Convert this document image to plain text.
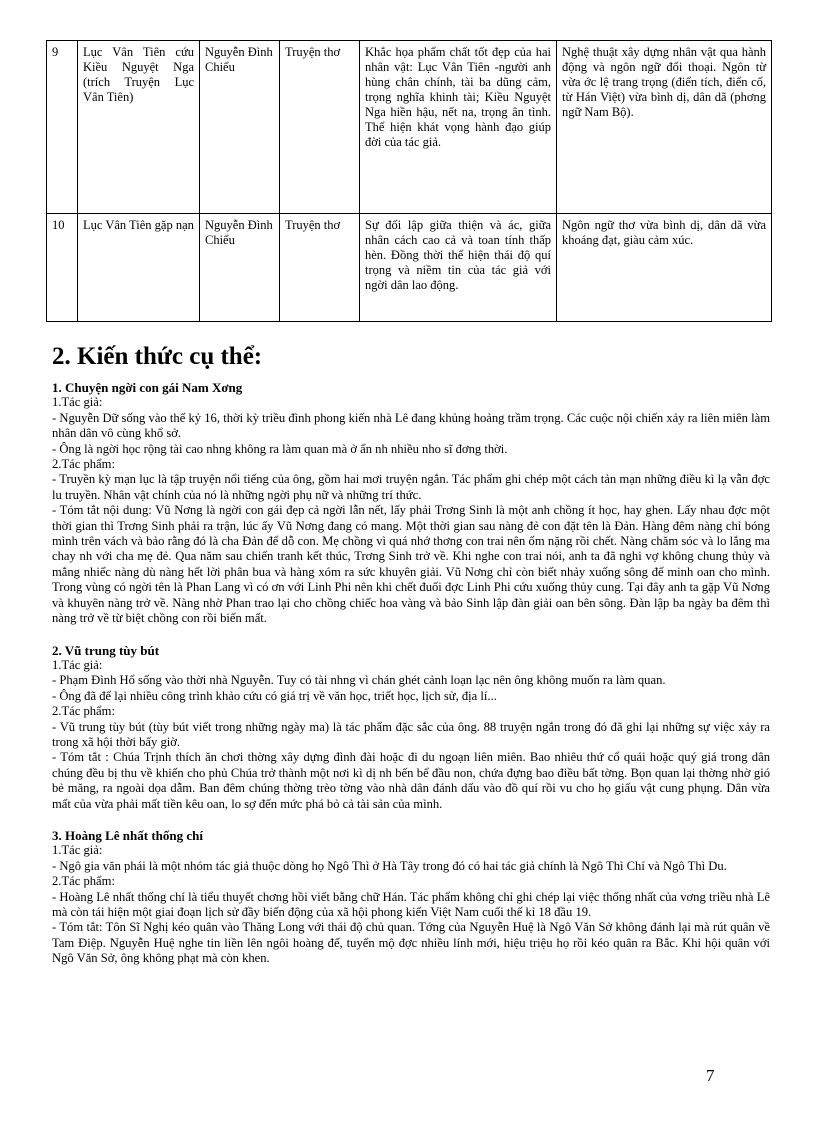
9	Lục Vân Tiên cứu Kiều Nguyệt Nga (trích Truyện Lục Vân Tiên)	Nguyễn Đình Chiểu	Truyện thơ	Khắc họa phẩm chất tốt đẹp của hai nhân vật: Lục Vân Tiên -người anh hùng chân chính, tài ba dũng cảm, trọng nghĩa khinh tài; Kiều Nguyệt Nga hiền hậu, nết na, trọng ân tình. Thể hiện khát vọng hành đạo giúp đời của tác giả.	Nghệ thuật xây dựng nhân vật qua hành động và ngôn ngữ đối thoại. Ngôn từ vừa ớc lệ trang trọng (điển tích, điển cố, từ Hán Việt) vừa bình dị, dân dã (phơng ngữ Nam Bộ).
10	Lục Vân Tiên gặp nạn	Nguyễn Đình Chiểu	Truyện thơ	Sự đối lập giữa thiện và ác, giữa nhân cách cao cả và toan tính thấp hèn. Đồng thời thể hiện thái độ quí trọng và niềm tin của tác giả với ngời dân lao động.	Ngôn ngữ thơ vừa bình dị, dân dã vừa khoáng đạt, giàu cảm xúc.
2. Kiến thức cụ thể:
1. Chuyện ngời con gái Nam Xơng
1.Tác giả:

- Nguyễn Dữ sống vào thế kỷ 16, thời kỳ triều đình phong kiến nhà Lê đang khủng hoảng trầm trọng. Các cuộc nội chiến xảy ra liên miên làm nhân dân vô cùng khổ sở.

- Ông là ngời học rộng tài cao nhng không ra làm quan mà ở ẩn nh nhiều nho sĩ đơng thời.

2.Tác phẩm:

- Truyền kỳ mạn lục là tập truyện nổi tiếng của ông, gồm hai mơi truyện ngắn. Tác phẩm ghi chép một cách tản mạn những điều kì lạ vẫn đợc lu truyền. Nhân vật chính của nó là những ngời phụ nữ và những trí thức.

- Tóm tắt nội dung: Vũ Nơng là ngời con gái đẹp cả ngời lẫn nết, lấy phải Trơng Sinh là một anh chồng ít học, hay ghen. Lấy nhau đợc một thời gian thì Trơng Sinh phải ra trận, lúc ấy Vũ Nơng đang có mang. Một thời gian sau nàng đẻ con đặt tên là Đản. Hàng đêm nàng chỉ bóng mình trên vách và bảo rằng đó là cha Đản để dỗ con. Mẹ chồng vì quá nhớ thơng con trai nên ốm nặng rồi chết. Nàng chăm sóc và lo lắng ma chay nh với cha mẹ đẻ. Qua năm sau chiến tranh kết thúc, Trơng Sinh trở về. Khi nghe con trai nói, anh ta đã nghi vợ không chung thủy và mắng nhiếc nàng dù nàng hết lời phân bua và hàng xóm ra sức khuyên giải. Vũ Nơng chỉ còn biết nhảy xuống sông để minh oan cho mình. Trong vùng có ngời tên là Phan Lang vì có ơn với Linh Phi nên khi chết đuối đợc Linh Phi cứu xuống thủy cung. Tại đây anh ta gặp Vũ Nơng và khuyên nàng trở về. Nàng nhờ Phan trao lại cho chồng chiếc hoa vàng và bảo Sinh lập đàn giải oan bên sông. Đàn lập ba ngày ba đêm thì nàng trở về từ biệt chồng con rồi biến mất.

2. Vũ trung tùy bút
1.Tác giả:

- Phạm Đình Hổ sống vào thời nhà Nguyễn. Tuy có tài nhng vì chán ghét cảnh loạn lạc nên ông không muốn ra làm quan.

- Ông đã để lại nhiều công trình khảo cứu có giá trị về văn học, triết học, lịch sử, địa lí...

2.Tác phẩm:

- Vũ trung tùy bút (tùy bút viết trong những ngày ma) là tác phẩm đặc sắc của ông. 88 truyện ngắn trong đó đã ghi lại những sự việc xảy ra trong xã hội thời bấy giờ.

- Tóm tắt : Chúa Trịnh thích ăn chơi thờng xây dựng đình đài hoặc đi du ngoạn liên miên. Bao nhiêu thứ cổ quái hoặc quý giá trong dân chúng đều bị thu về khiến cho phủ Chúa trở thành một nơi kì dị nh bến bể đầu non, chứa đựng bao điều bất tờng. Bọn quan lại thờng nhờ gió bẻ măng, ra ngoài dọa dẫm. Ban đêm chúng thờng trèo tờng vào nhà dân đánh dấu vào đồ quí rồi vu cho họ giấu vật cung phụng. Dân vừa mất của vừa phải mất tiền kêu oan, lo sợ đến mức phá bỏ cả tài sản của mình.

3. Hoàng Lê nhất thống chí
1.Tác giả:

- Ngô gia văn phái là một nhóm tác giả thuộc dòng họ Ngô Thì ở Hà Tây trong đó có hai tác giả chính là Ngô Thì Chí và Ngô Thì Du.

2.Tác phẩm:

- Hoàng Lê nhất thống chí là tiểu thuyết chơng hồi viết bằng chữ Hán. Tác phẩm không chỉ ghi chép lại việc thống nhất của vơng triều nhà Lê mà còn tái hiện một giai đoạn lịch sử đầy biến động của xã hội phong kiến Việt Nam cuối thế kỉ 18 đầu 19.

- Tóm tắt: Tôn Sĩ Nghị kéo quân vào Thăng Long với thái độ chủ quan. Tớng của Nguyễn Huệ là Ngô Văn Sở không đánh lại mà rút quân về Tam Điệp. Nguyễn Huệ nghe tin liền lên ngôi hoàng đế, tuyển mộ đợc nhiều lính mới, hiệu triệu họ rồi kéo quân ra Bắc. Khi hội quân với Ngô Văn Sở, ông không phạt mà còn khen.

7
